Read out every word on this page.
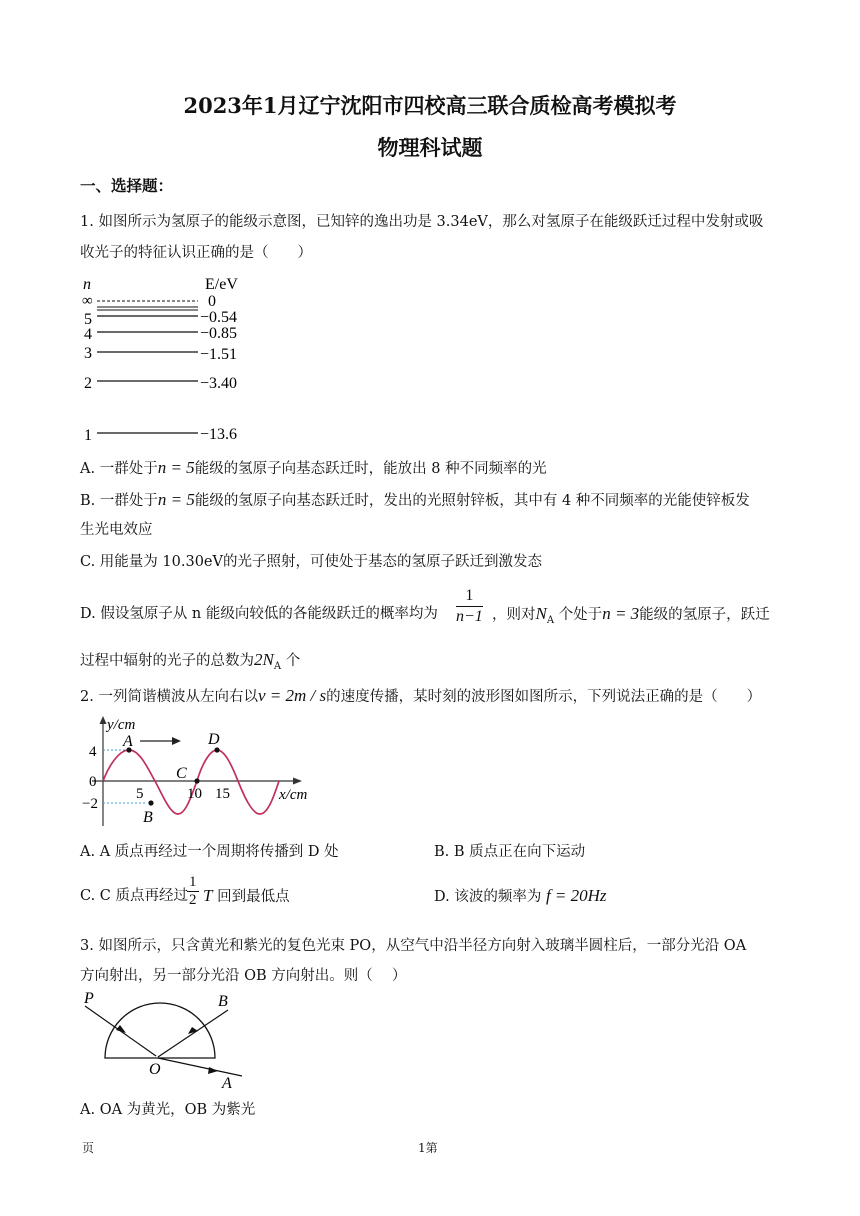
2023年1月辽宁沈阳市四校高三联合质检高考模拟考
物理科试题
一、选择题：
1. 如图所示为氢原子的能级示意图，已知锌的逸出功是 3.34eV，那么对氢原子在能级跃迁过程中发射或吸
收光子的特征认识正确的是（　　）
n	E/eV
∞	0
5	−0.54
4	−0.85
3	−1.51
2	−3.40
1	−13.6
A. 一群处于n = 5能级的氢原子向基态跃迁时，能放出 8 种不同频率的光
B. 一群处于n = 5能级的氢原子向基态跃迁时，发出的光照射锌板，其中有 4 种不同频率的光能使锌板发
生光电效应
C. 用能量为 10.30eV的光子照射，可使处于基态的氢原子跃迁到激发态
D. 假设氢原子从 n 能级向较低的各能级跃迁的概率均为 $\frac{1}{n-1}$ ，则对$N_A$ 个处于n = 3能级的氢原子，跃迁
过程中辐射的光子的总数为$2N_A$ 个
2. 一列简谐横波从左向右以v = 2m / s的速度传播，某时刻的波形图如图所示，下列说法正确的是（　　）
y/cm
x/cm
4
0
−2
A
B
C
D
5	10 15
A. A 质点再经过一个周期将传播到 D 处	B. B 质点正在向下运动
C. C 质点再经过 $\frac{1}{2}$ T 回到最低点	D. 该波的频率为 f = 20Hz
3. 如图所示，只含黄光和紫光的复色光束 PO，从空气中沿半径方向射入玻璃半圆柱后，一部分光沿 OA
方向射出，另一部分光沿 OB 方向射出。则（　 ）
P	B
O
A
A. OA 为黄光，OB 为紫光
页	1第
